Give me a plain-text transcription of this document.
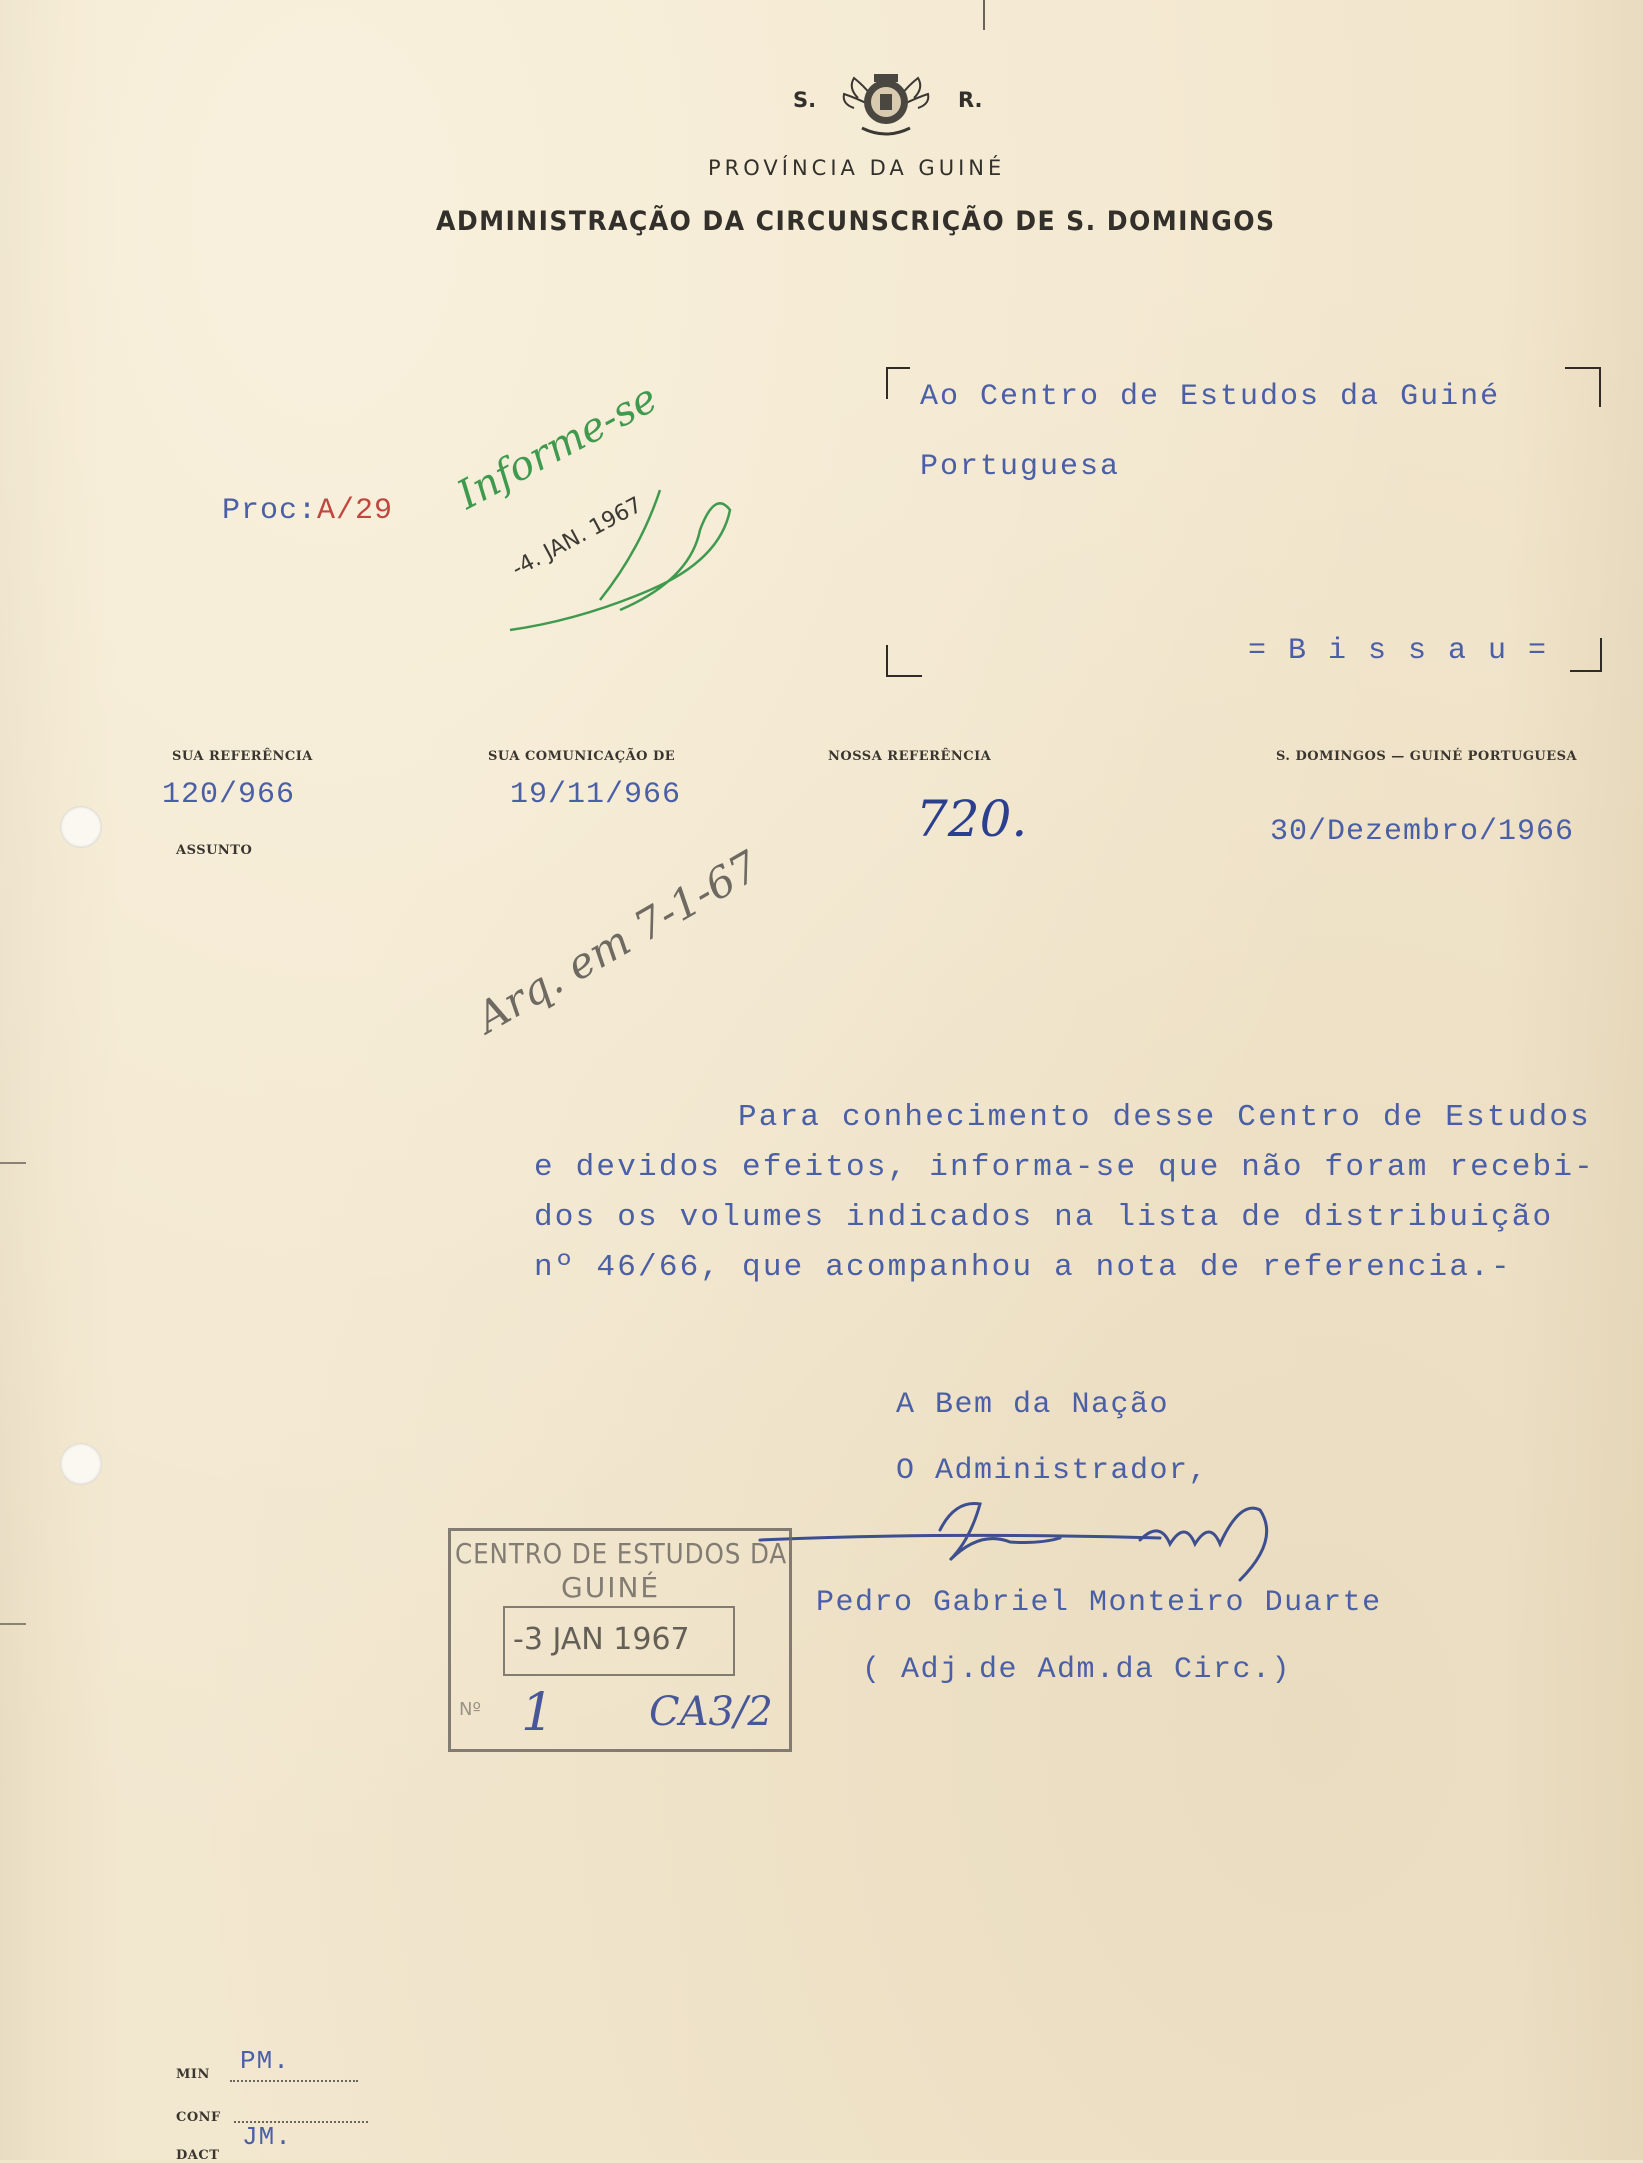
S.	R.
PROVÍNCIA DA GUINÉ
ADMINISTRAÇÃO DA CIRCUNSCRIÇÃO DE S. DOMINGOS
Ao Centro de Estudos da Guiné
Portuguesa
= B i s s a u =
Proc:A/29 Informe-se
-4. JAN. 1967
SUA REFERÊNCIA	SUA COMUNICAÇÃO DE	NOSSA REFERÊNCIA	S. DOMINGOS — GUINÉ PORTUGUESA
120/966	19/11/966	720.	30/Dezembro/1966
ASSUNTO	Arq. em 7-1-67
Para conhecimento desse Centro de Estudos
e devidos efeitos, informa-se que não foram recebi-
dos os volumes indicados na lista de distribuição
nº 46/66, que acompanhou a nota de referencia.-
A Bem da Nação
O Administrador,
Pedro Gabriel Monteiro Duarte
( Adj.de Adm.da Circ.)
CENTRO DE ESTUDOS DA
GUINÉ
-3 JAN 1967
Nº 1 CA3/2
MIN PM.
CONF
JM.
DACT
